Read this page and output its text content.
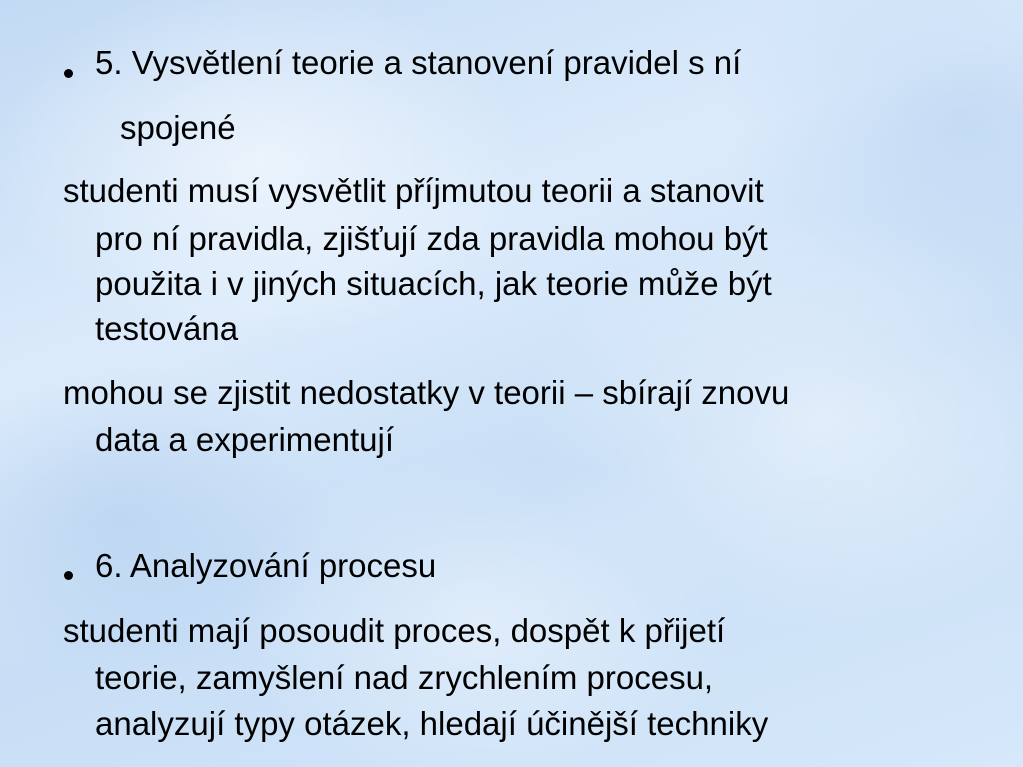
5. Vysvětlení teorie a stanovení pravidel s ní
spojené
studenti musí vysvětlit příjmutou teorii a stanovit
pro ní pravidla, zjišťují zda pravidla mohou být
použita i v jiných situacích, jak teorie může být
testována
mohou se zjistit nedostatky v teorii – sbírají znovu
data a experimentují
6. Analyzování procesu
studenti mají posoudit proces, dospět k přijetí
teorie, zamyšlení nad zrychlením procesu,
analyzují typy otázek, hledají účinější techniky
